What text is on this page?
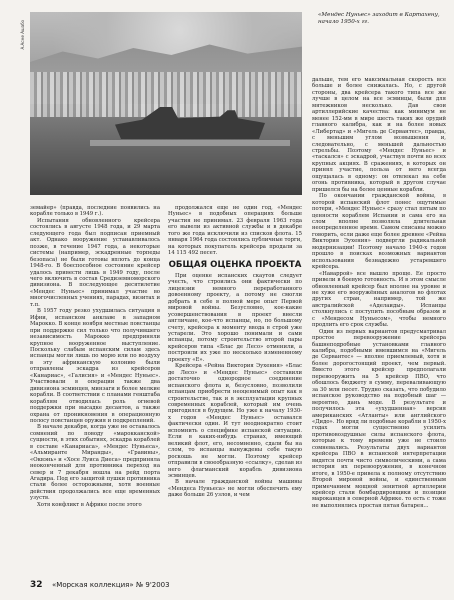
А.Асме Ашабо
«Мендес Нуньес» заходит в Картахену, начало 1950-х гг.

земайер» (правда, последние появились на корабле только в 1949 г.).

Испытания обновленного крейсера состоялись в августе 1948 года, и 29 марта следующего года был подписан приемный акт. Однако вооружение устанавливалось позже, в течение 1947 года, а некоторые системы (например, эскадренные торпеды безопаса) не были готовы вплоть до конца 1948-го. В боеспособное состояние крейсер удалось привести лишь в 1949 году, после чего включить в состав Средиземноморского дивизиона. В последующее десятилетие «Мендес Нуньес» принимал участие во многочисленных учениях, парадах, визитах и т.п.

В 1957 году резко ухудшилась ситуация в Ифни, испанском анклаве в западном Марокко. В конце ноября местные повстанцы при поддержке сил только что получившего независимость Марокко предприняли крупное вооруженное выступление. Поскольку слабым испанским силам здесь испанцы могли лишь по морю или по воздуху в эту африканскую колонию были отправлены эскадра из крейсеров «Канариас», «Галисия» и «Мендес Нуньес». Участвовали в операции также два дивизиона эсминцев, минзаги и более мелкие корабли. В соответствии с планами генштаба кораблям отводилась роль огневой поддержки при высадке десантов, а также охрана от проникновения в операционную полосу повстанцев оружия и подкреплений.

В начале декабря, когда уже не оставалось сомнений по поводу «марокканской» сущности, в этих событиях, эскадра кораблей в составе «Канариаса», «Мендес Нуньеса», «Альмиранте Миранды», «Гравины», «Оквэнь» и «Хосе Луиса Диеса» предприняла неоконченный для противника переход на север и 7 декабря вошла на рейд порта Агадира. Под его защитой пушки противника стали более осторожными, хотя военные действия продолжались все еще временных узуств.

Хотя конфликт в Африке после этого

продолжался еще не один год, «Мендес Нуньес» в подобных операциях больше участия не принимал. 23 февраля 1963 года его вывели из активной службы и в декабре того же года исключили из списков флота. 15 января 1964 года состоялись публичные торги, на которых покупатель крейсера продали за 14 115 492 песет.

ОБЩАЯ ОЦЕНКА ПРОЕКТА

При оценке испанских скаутов следует учесть, что строились они фактически по лицензии немного переработанного довоенному проекту, а потому не смогли добрать в себе в полной мере опыт Первой мировой войны. Безусловно, кое-какие усовершенствования в проект внесли англичане, кое-что испанцы, но, по большому счету, крейсера к моменту ввода в строй уже устарели. Это хорошо понимали и сами испанцы, потому строительство второй пары крейсеров типа «Блас де Лесо» отменили, а построили их уже по несколько измененному проекту «Е».

Крейсера «Рейна Виктория Эухения» «Блас де Лесо» и «Мендес Нуньес» составили достаточно однородное соединение испанского флота и, безусловно, позволили испанцам приобрести неоценимый опыт как в строительстве, так и в эксплуатации крупных современных кораблей, который им очень пригодился в будущем. Но уже к началу 1930-х годов «Мендес Нуньес» оставался фактически один. И тут неоднократно стоит вспомнить о специфике испанской ситуации. Если в каких-нибудь странах, имеющий великий флот, его, несомненно, сдали бы на слом, то испанцы вынуждены себе такую роскошь не могли. Поэтому крейсер отправили в своеобразную «ссылку», сделав из него флагманский корабль дивизиона эсминцев.

В начале гражданской войны машины «Мендеса Нуньеса» не могли обеспечить ему даже больше 26 узлов, и чем

дальше, тем его максимальная скорость все больше и более снижалась. Но, с другой стороны, два крейсера такого типа все же лучше в целом на все эсминцы, были для мятежников несколько. Дав свои артиллерийские качества: как минимум не менее 152-мм в мире шесть таких же орудий главного калибра, как и на более новых «Либертад» и «Мигель де Сервантес», правда, с меньшим углом возвышения и, следовательно, с меньшей дальностью стрельбы. Поэтому «Мендес Нуньес» и «таскался» с эскадрой, участвуя почти во всех крупных акциях. В сражениях, в которых он принял участие, польза от него всегда ощущалась в одному: он отвлекал на себя огонь противника, который в другом случае пришелся бы на более ценные корабли.

По окончании гражданской войны, в которой испанский флот понес ощутимые потери, «Мендес Нуньес» сразу стал пятым по ценности кораблем Испании и сама его на слом вполне позволяла длительная неопределенное время. Самом списаны можно говорить, если даже еще более древнее «Рейна Виктория Эухения» подвергли радикальной модернизации! Поэтому начало 1940-х годов прошло в поисках возможных вариантов использования безнадежно устаревшего крейсера.

«Наваррой» все вышло проще. Ее просто привели в боевую готовность. И в этом смысле обновленный крейсер был вполне на уровне и не хуже его вооружённых аналогов во флотах других стран, например, той же австралийской «Аделаиды». Испанцы столкнулись с поступить пособным образом и с «Мендесом Нуньесом», чтобы немного продлить его срок службы.

Один из первых вариантов предусматривал простое перевооружение крейсера башнеподробные установками главного калибра, подобными имевшимся на «Мигель де Сервантес» — вполне приемлемый, хотя и более дорогостоящий проект, чем первый. Вместо этого крейсер предполагали перевооружить на 5 крейсер ПВО, что обошлось бюджету в сумму, переваливающую за 30 млн песет. Трудно сказать, что побудило испанское руководство на подобный шаг — вероятно, дань моде. В результате и получилось эта «ухудшенная» версия американских «Атланты» или английского «Дидо». Но вряд ли подобные корабли в 1950-х годах могли существенно усилить противовоздушные силы испанского флота, которые к тому времени уже не стоило сомневались. Результаты двух вариантов крейсера ПВО в испанской интерпретации видятся почти чисто символическими, а сама история их перевооружения, в конечном итоге, в 1950-е привела к полному отсутствию Второй мировой войны, и единственным примечанием мощной зенитной артиллерии крейсер стали бомбардировщики и позиции мароканцев в северной Африке. то есть с тоже не выполнялись простая пятая батарея...

32 «Морская коллекция» № 9'2003
